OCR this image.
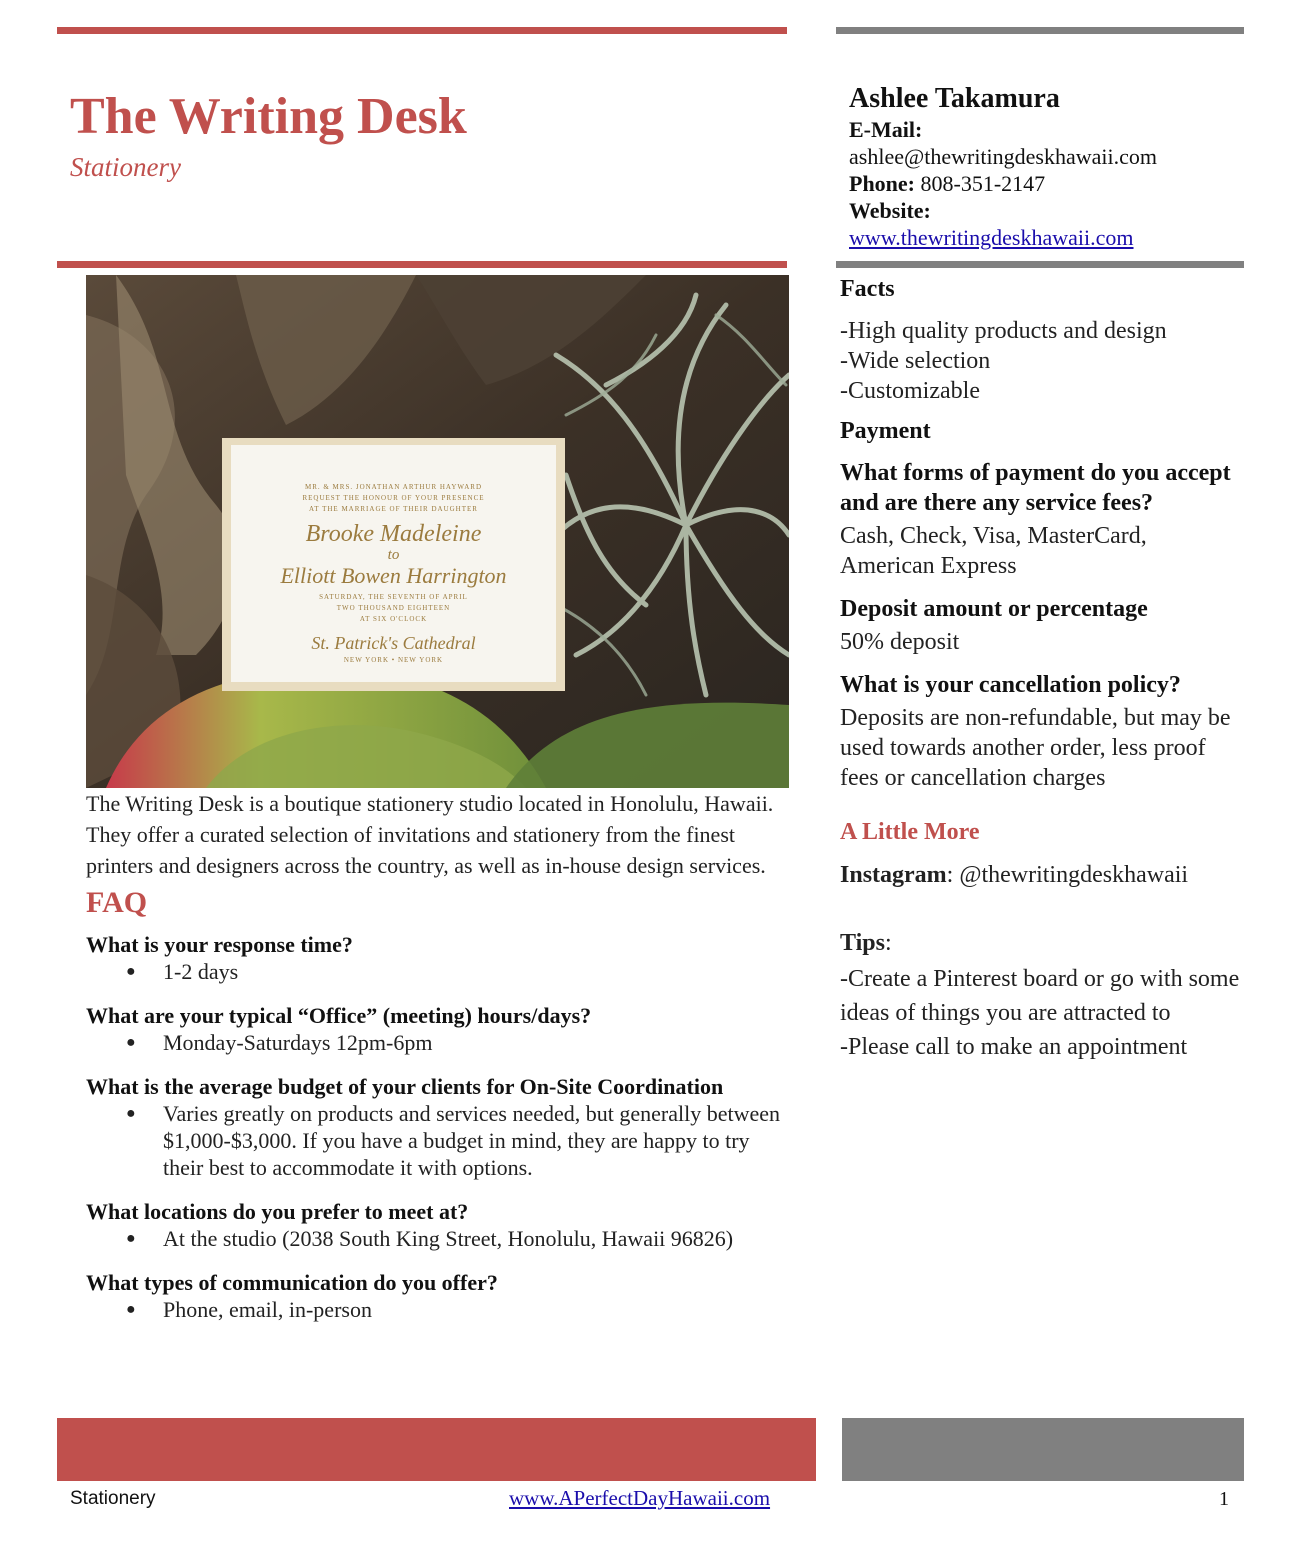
The Writing Desk
Stationery
Ashlee Takamura
E-Mail:
ashlee@thewritingdeskhawaii.com
Phone: 808-351-2147
Website:
www.thewritingdeskhawaii.com
MR. & MRS. JONATHAN ARTHUR HAYWARD
REQUEST THE HONOUR OF YOUR PRESENCE
AT THE MARRIAGE OF THEIR DAUGHTER
Brooke Madeleine
to
Elliott Bowen Harrington
SATURDAY, THE SEVENTH OF APRIL
TWO THOUSAND EIGHTEEN
AT SIX O'CLOCK
St. Patrick's Cathedral
NEW YORK • NEW YORK

The Writing Desk is a boutique stationery studio located in Honolulu, Hawaii. They offer a curated selection of invitations and stationery from the finest printers and designers across the country, as well as in-house design services.

FAQ

What is your response time?

● 1-2 days

What are your typical “Office” (meeting) hours/days?

● Monday-Saturdays 12pm-6pm

What is the average budget of your clients for On-Site Coordination

● Varies greatly on products and services needed, but generally between $1,000-$3,000. If you have a budget in mind, they are happy to try their best to accommodate it with options.

What locations do you prefer to meet at?

● At the studio (2038 South King Street, Honolulu, Hawaii 96826)

What types of communication do you offer?

● Phone, email, in-person
Facts

-High quality products and design

-Wide selection

-Customizable

Payment
What forms of payment do you accept and are there any service fees?

Cash, Check, Visa, MasterCard, American Express

Deposit amount or percentage

50% deposit

What is your cancellation policy?

Deposits are non-refundable, but may be used towards another order, less proof fees or cancellation charges

A Little More

Instagram: @thewritingdeskhawaii

Tips:

-Create a Pinterest board or go with some ideas of things you are attracted to

-Please call to make an appointment

Stationery	www.APerfectDayHawaii.com	1
